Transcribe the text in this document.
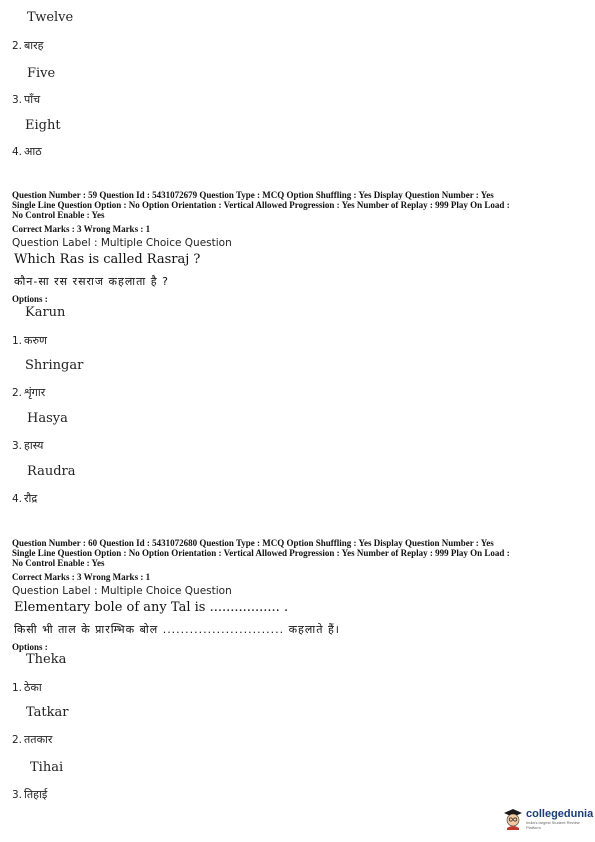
Twelve
2. बारह
Five
3. पाँच
Eight
4. आठ
Question Number : 59 Question Id : 5431072679 Question Type : MCQ Option Shuffling : Yes Display Question Number : Yes
Single Line Question Option : No Option Orientation : Vertical Allowed Progression : Yes Number of Replay : 999 Play On Load :
No Control Enable : Yes
Correct Marks : 3 Wrong Marks : 1
Question Label : Multiple Choice Question
Which Ras is called Rasraj ?
कौन-सा रस रसराज कहलाता है ?
Options :
Karun
1. करुण
Shringar
2. शृंगार
Hasya
3. हास्य
Raudra
4. रौद्र
Question Number : 60 Question Id : 5431072680 Question Type : MCQ Option Shuffling : Yes Display Question Number : Yes
Single Line Question Option : No Option Orientation : Vertical Allowed Progression : Yes Number of Replay : 999 Play On Load :
No Control Enable : Yes
Correct Marks : 3 Wrong Marks : 1
Question Label : Multiple Choice Question
Elementary bole of any Tal is ................. .
किसी भी ताल के प्रारम्भिक बोल ........................... कहलाते हैं।
Options :
Theka
1. ठेका
Tatkar
2. ततकार
Tihai
3. तिहाई
collegedunia
India's largest Student Review Platform
